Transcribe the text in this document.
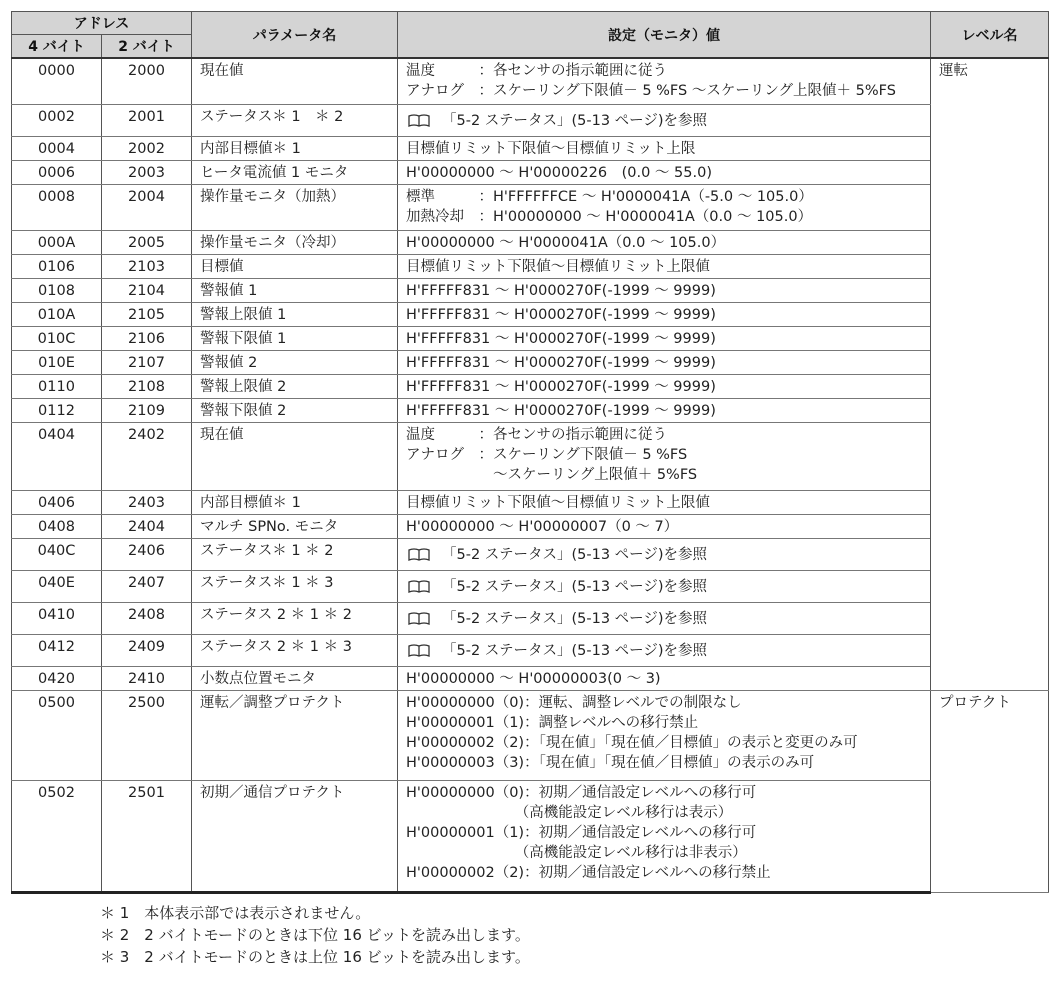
アドレス		パラメータ名	設定（モニタ）値	レベル名
4 バイト	2 バイト			
0000	2000	現在値	温度　　　：各センサの指示範囲に従う
アナログ　：スケーリング下限値－ 5 %FS ～スケーリング上限値＋ 5%FS	運転
0002	2001	ステータス＊ 1　＊ 2	「5-2 ステータス」(5-13 ページ)を参照	

0004	2002	内部目標値＊ 1	目標値リミット下限値～目標値リミット上限	

0006	2003	ヒータ電流値 1 モニタ	H'00000000 ～ H'00000226　(0.0 ～ 55.0)	

0008	2004	操作量モニタ（加熱）	標準　　　：H'FFFFFFCE ～ H'0000041A（-5.0 ～ 105.0）
加熱冷却　：H'00000000 ～ H'0000041A（0.0 ～ 105.0）	

000A	2005	操作量モニタ（冷却）	H'00000000 ～ H'0000041A（0.0 ～ 105.0）	

0106	2103	目標値	目標値リミット下限値～目標値リミット上限値	

0108	2104	警報値 1	H'FFFFF831 ～ H'0000270F(-1999 ～ 9999)	

010A	2105	警報上限値 1	H'FFFFF831 ～ H'0000270F(-1999 ～ 9999)	

010C	2106	警報下限値 1	H'FFFFF831 ～ H'0000270F(-1999 ～ 9999)	

010E	2107	警報値 2	H'FFFFF831 ～ H'0000270F(-1999 ～ 9999)	

0110	2108	警報上限値 2	H'FFFFF831 ～ H'0000270F(-1999 ～ 9999)	

0112	2109	警報下限値 2	H'FFFFF831 ～ H'0000270F(-1999 ～ 9999)	

0404	2402	現在値	温度　　　：各センサの指示範囲に従う
アナログ　：スケーリング下限値－ 5 %FS
　　　　　　～スケーリング上限値＋ 5%FS	

0406	2403	内部目標値＊ 1	目標値リミット下限値～目標値リミット上限値	

0408	2404	マルチ SPNo. モニタ	H'00000000 ～ H'00000007（0 ～ 7）	

040C	2406	ステータス＊ 1 ＊ 2	「5-2 ステータス」(5-13 ページ)を参照	

040E	2407	ステータス＊ 1 ＊ 3	「5-2 ステータス」(5-13 ページ)を参照	

0410	2408	ステータス 2 ＊ 1 ＊ 2	「5-2 ステータス」(5-13 ページ)を参照	

0412	2409	ステータス 2 ＊ 1 ＊ 3	「5-2 ステータス」(5-13 ページ)を参照	

0420	2410	小数点位置モニタ	H'00000000 ～ H'00000003(0 ～ 3)	

0500	2500	運転／調整プロテクト	H'00000000（0)：運転、調整レベルでの制限なし
H'00000001（1)：調整レベルへの移行禁止
H'00000002（2)：「現在値」「現在値／目標値」の表示と変更のみ可
H'00000003（3)：「現在値」「現在値／目標値」の表示のみ可	プロテクト
0502	2501	初期／通信プロテクト	H'00000000（0)：初期／通信設定レベルへの移行可
　　　　　　　　（高機能設定レベル移行は表示）
H'00000001（1)：初期／通信設定レベルへの移行可
　　　　　　　　（高機能設定レベル移行は非表示）
H'00000002（2)：初期／通信設定レベルへの移行禁止	
＊ 1　本体表示部では表示されません。
＊ 2　2 バイトモードのときは下位 16 ビットを読み出します。
＊ 3　2 バイトモードのときは上位 16 ビットを読み出します。
